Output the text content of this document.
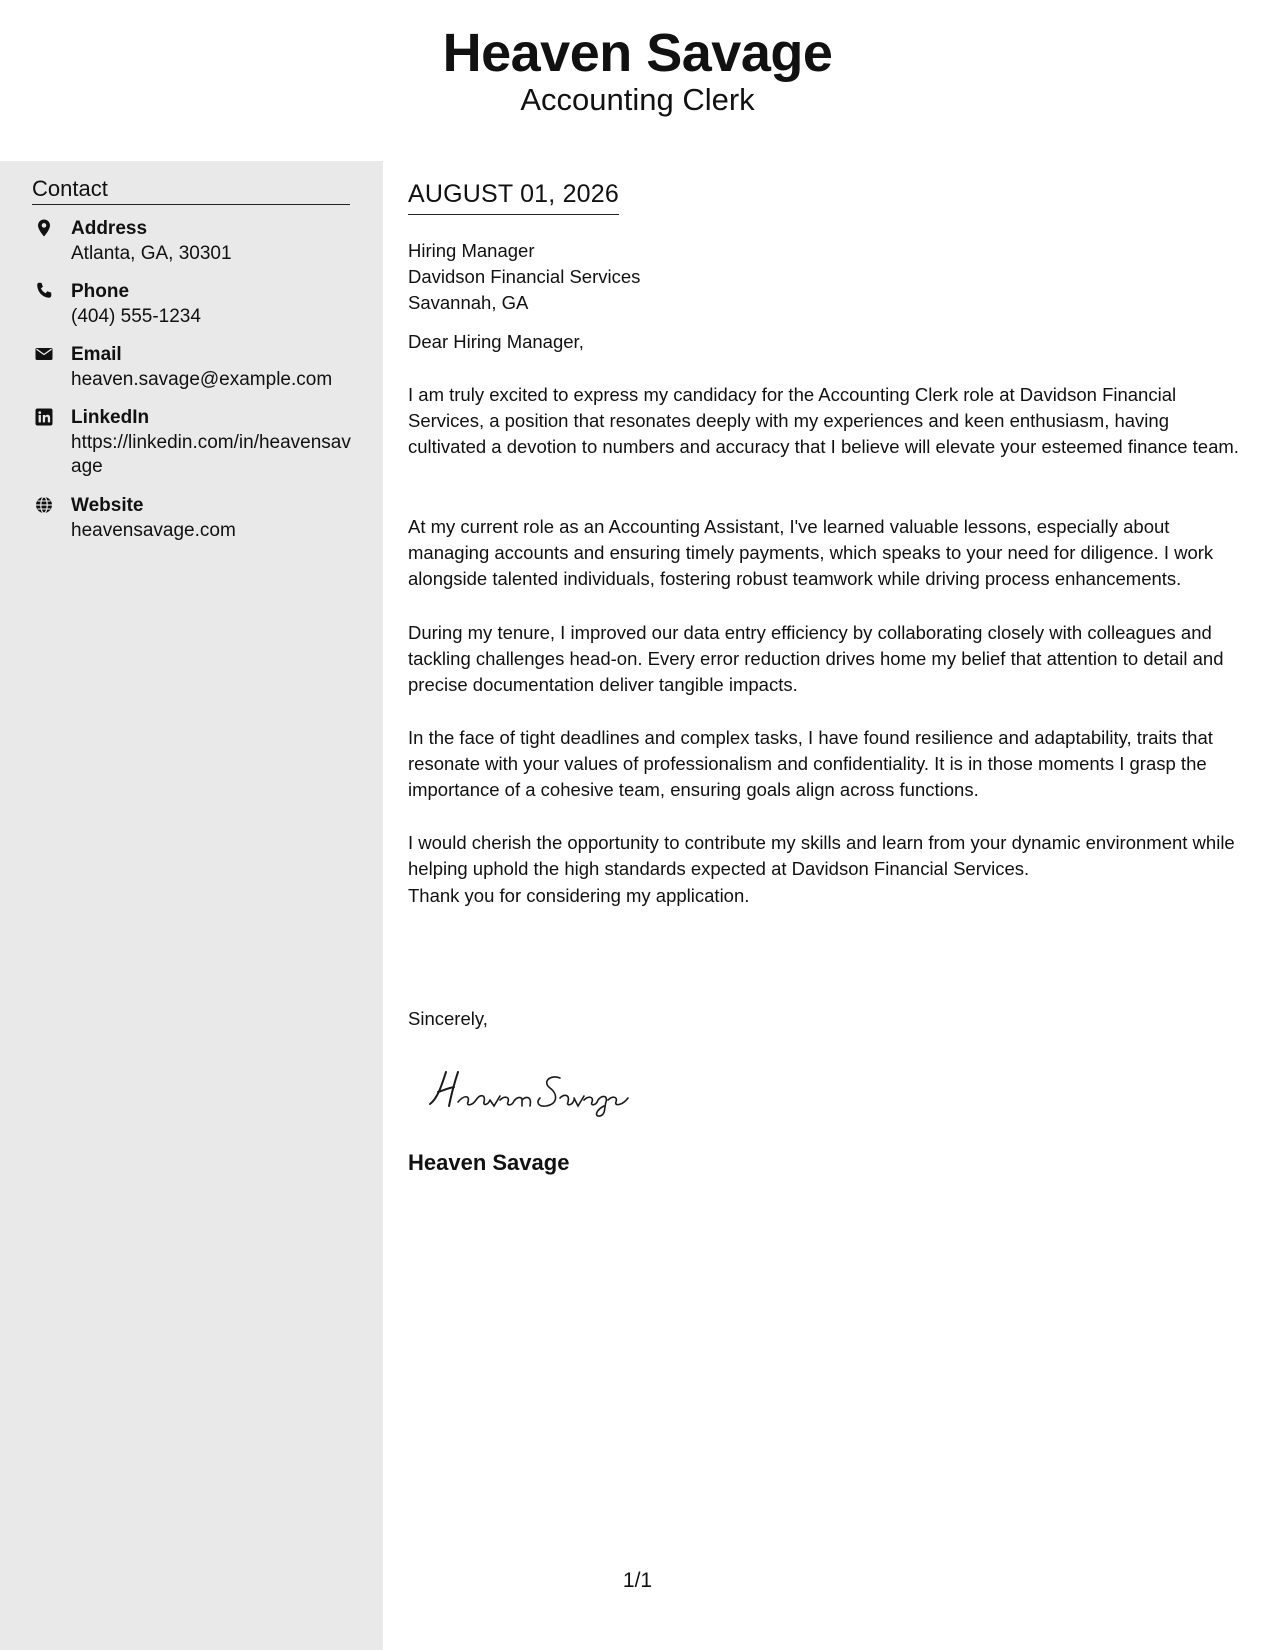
Heaven Savage
Accounting Clerk
Contact
Address
Atlanta, GA, 30301
Phone
(404) 555-1234
Email
heaven.savage@example.com
LinkedIn
https://linkedin.com/in/heavensavage
Website
heavensavage.com
AUGUST 01, 2026
Hiring Manager
Davidson Financial Services
Savannah, GA
Dear Hiring Manager,
I am truly excited to express my candidacy for the Accounting Clerk role at Davidson Financial Services, a position that resonates deeply with my experiences and keen enthusiasm, having cultivated a devotion to numbers and accuracy that I believe will elevate your esteemed finance team.
At my current role as an Accounting Assistant, I've learned valuable lessons, especially about managing accounts and ensuring timely payments, which speaks to your need for diligence. I work alongside talented individuals, fostering robust teamwork while driving process enhancements.
During my tenure, I improved our data entry efficiency by collaborating closely with colleagues and tackling challenges head-on. Every error reduction drives home my belief that attention to detail and precise documentation deliver tangible impacts.
In the face of tight deadlines and complex tasks, I have found resilience and adaptability, traits that resonate with your values of professionalism and confidentiality. It is in those moments I grasp the importance of a cohesive team, ensuring goals align across functions.
I would cherish the opportunity to contribute my skills and learn from your dynamic environment while helping uphold the high standards expected at Davidson Financial Services.
Thank you for considering my application.
Sincerely,
Heaven Savage
1/1
